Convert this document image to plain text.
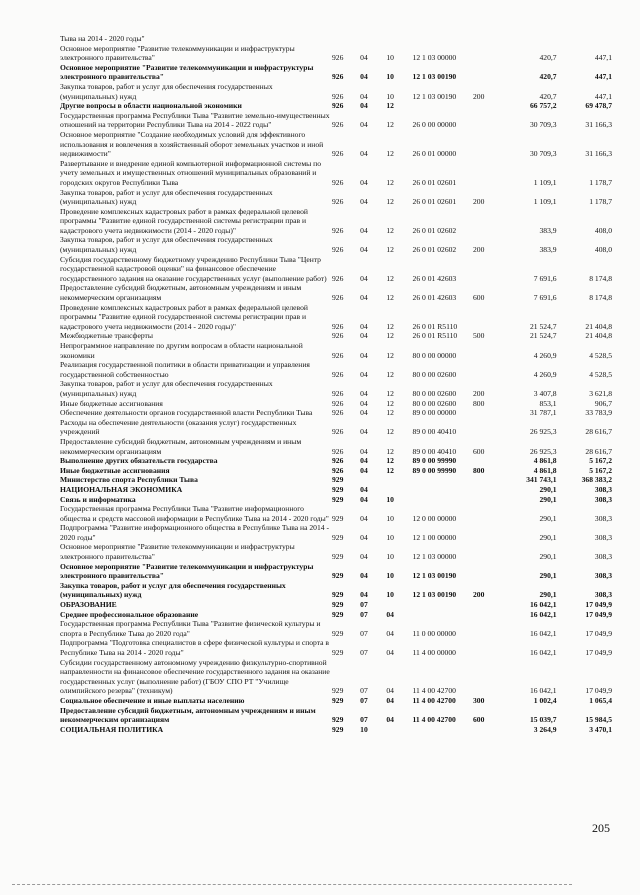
Тыва на 2014 - 2020 годы"							
Основное мероприятие "Развитие телекоммуникации и инфраструктуры электронного правительства"	926	04	10	12 1 03 00000		420,7	447,1
Основное мероприятие "Развитие телекоммуникации и инфраструктуры электронного правительства"	926	04	10	12 1 03 00190		420,7	447,1
Закупка товаров, работ и услуг для обеспечения государственных (муниципальных) нужд	926	04	10	12 1 03 00190	200	420,7	447,1
Другие вопросы в области национальной экономики	926	04	12			66 757,2	69 478,7
Государственная программа Республики Тыва "Развитие земельно-имущественных отношений на территории Республики Тыва на 2014 - 2022 годы"	926	04	12	26 0 00 00000		30 709,3	31 166,3
Основное мероприятие "Создание необходимых условий для эффективного использования и вовлечения в хозяйственный оборот земельных участков и иной недвижимости"	926	04	12	26 0 01 00000		30 709,3	31 166,3
Развертывание и внедрение единой компьютерной информационной системы по учету земельных и имущественных отношений муниципальных образований и городских округов Республики Тыва	926	04	12	26 0 01 02601		1 109,1	1 178,7
Закупка товаров, работ и услуг для обеспечения государственных (муниципальных) нужд	926	04	12	26 0 01 02601	200	1 109,1	1 178,7
Проведение комплексных кадастровых работ в рамках федеральной целевой программы "Развитие единой государственной системы регистрации прав и кадастрового учета недвижимости (2014 - 2020 годы)"	926	04	12	26 0 01 02602		383,9	408,0
Закупка товаров, работ и услуг для обеспечения государственных (муниципальных) нужд	926	04	12	26 0 01 02602	200	383,9	408,0
Субсидия государственному бюджетному учреждению Республики Тыва "Центр государственной кадастровой оценки" на финансовое обеспечение государственного задания на оказание государственных услуг (выполнение работ)	926	04	12	26 0 01 42603		7 691,6	8 174,8
Предоставление субсидий бюджетным, автономным учреждениям и иным некоммерческим организациям	926	04	12	26 0 01 42603	600	7 691,6	8 174,8
Проведение комплексных кадастровых работ в рамках федеральной целевой программы "Развитие единой государственной системы регистрации прав и кадастрового учета недвижимости (2014 - 2020 годы)"	926	04	12	26 0 01 R5110		21 524,7	21 404,8
Межбюджетные трансферты	926	04	12	26 0 01 R5110	500	21 524,7	21 404,8
Непрограммное направление по другим вопросам в области национальной экономики	926	04	12	80 0 00 00000		4 260,9	4 528,5
Реализация государственной политики в области приватизации и управления государственной собственностью	926	04	12	80 0 00 02600		4 260,9	4 528,5
Закупка товаров, работ и услуг для обеспечения государственных (муниципальных) нужд	926	04	12	80 0 00 02600	200	3 407,8	3 621,8
Иные бюджетные ассигнования	926	04	12	80 0 00 02600	800	853,1	906,7
Обеспечение деятельности органов государственной власти Республики Тыва	926	04	12	89 0 00 00000		31 787,1	33 783,9
Расходы на обеспечение деятельности (оказания услуг) государственных учреждений	926	04	12	89 0 00 40410		26 925,3	28 616,7
Предоставление субсидий бюджетным, автономным учреждениям и иным некоммерческим организациям	926	04	12	89 0 00 40410	600	26 925,3	28 616,7
Выполнение других обязательств государства	926	04	12	89 0 00 99990		4 861,8	5 167,2
Иные бюджетные ассигнования	926	04	12	89 0 00 99990	800	4 861,8	5 167,2
Министерство спорта Республики Тыва	929					341 743,1	368 383,2
НАЦИОНАЛЬНАЯ ЭКОНОМИКА	929	04				290,1	308,3
Связь и информатика	929	04	10			290,1	308,3
Государственная программа Республики Тыва "Развитие информационного общества и средств массовой информации в Республике Тыва на 2014 - 2020 годы"	929	04	10	12 0 00 00000		290,1	308,3
Подпрограмма "Развитие информационного общества в Республике Тыва на 2014 - 2020 годы"	929	04	10	12 1 00 00000		290,1	308,3
Основное мероприятие "Развитие телекоммуникации и инфраструктуры электронного правительства"	929	04	10	12 1 03 00000		290,1	308,3
Основное мероприятие "Развитие телекоммуникации и инфраструктуры электронного правительства"	929	04	10	12 1 03 00190		290,1	308,3
Закупка товаров, работ и услуг для обеспечения государственных (муниципальных) нужд	929	04	10	12 1 03 00190	200	290,1	308,3
ОБРАЗОВАНИЕ	929	07				16 042,1	17 049,9
Среднее профессиональное образование	929	07	04			16 042,1	17 049,9
Государственная программа Республики Тыва "Развитие физической культуры и спорта в Республике Тыва до 2020 года"	929	07	04	11 0 00 00000		16 042,1	17 049,9
Подпрограмма "Подготовка специалистов в сфере физической культуры и спорта в Республике Тыва на 2014 - 2020 годы"	929	07	04	11 4 00 00000		16 042,1	17 049,9
Субсидии государственному автономному учреждению физкультурно-спортивной направленности на финансовое обеспечение государственного задания на оказание государственных услуг (выполнение работ) (ГБОУ СПО РТ "Училище олимпийского резерва" (техникум)	929	07	04	11 4 00 42700		16 042,1	17 049,9
Социальное обеспечение и иные выплаты населению	929	07	04	11 4 00 42700	300	1 002,4	1 065,4
Предоставление субсидий бюджетным, автономным учреждениям и иным некоммерческим организациям	929	07	04	11 4 00 42700	600	15 039,7	15 984,5
СОЦИАЛЬНАЯ ПОЛИТИКА	929	10				3 264,9	3 470,1
205
